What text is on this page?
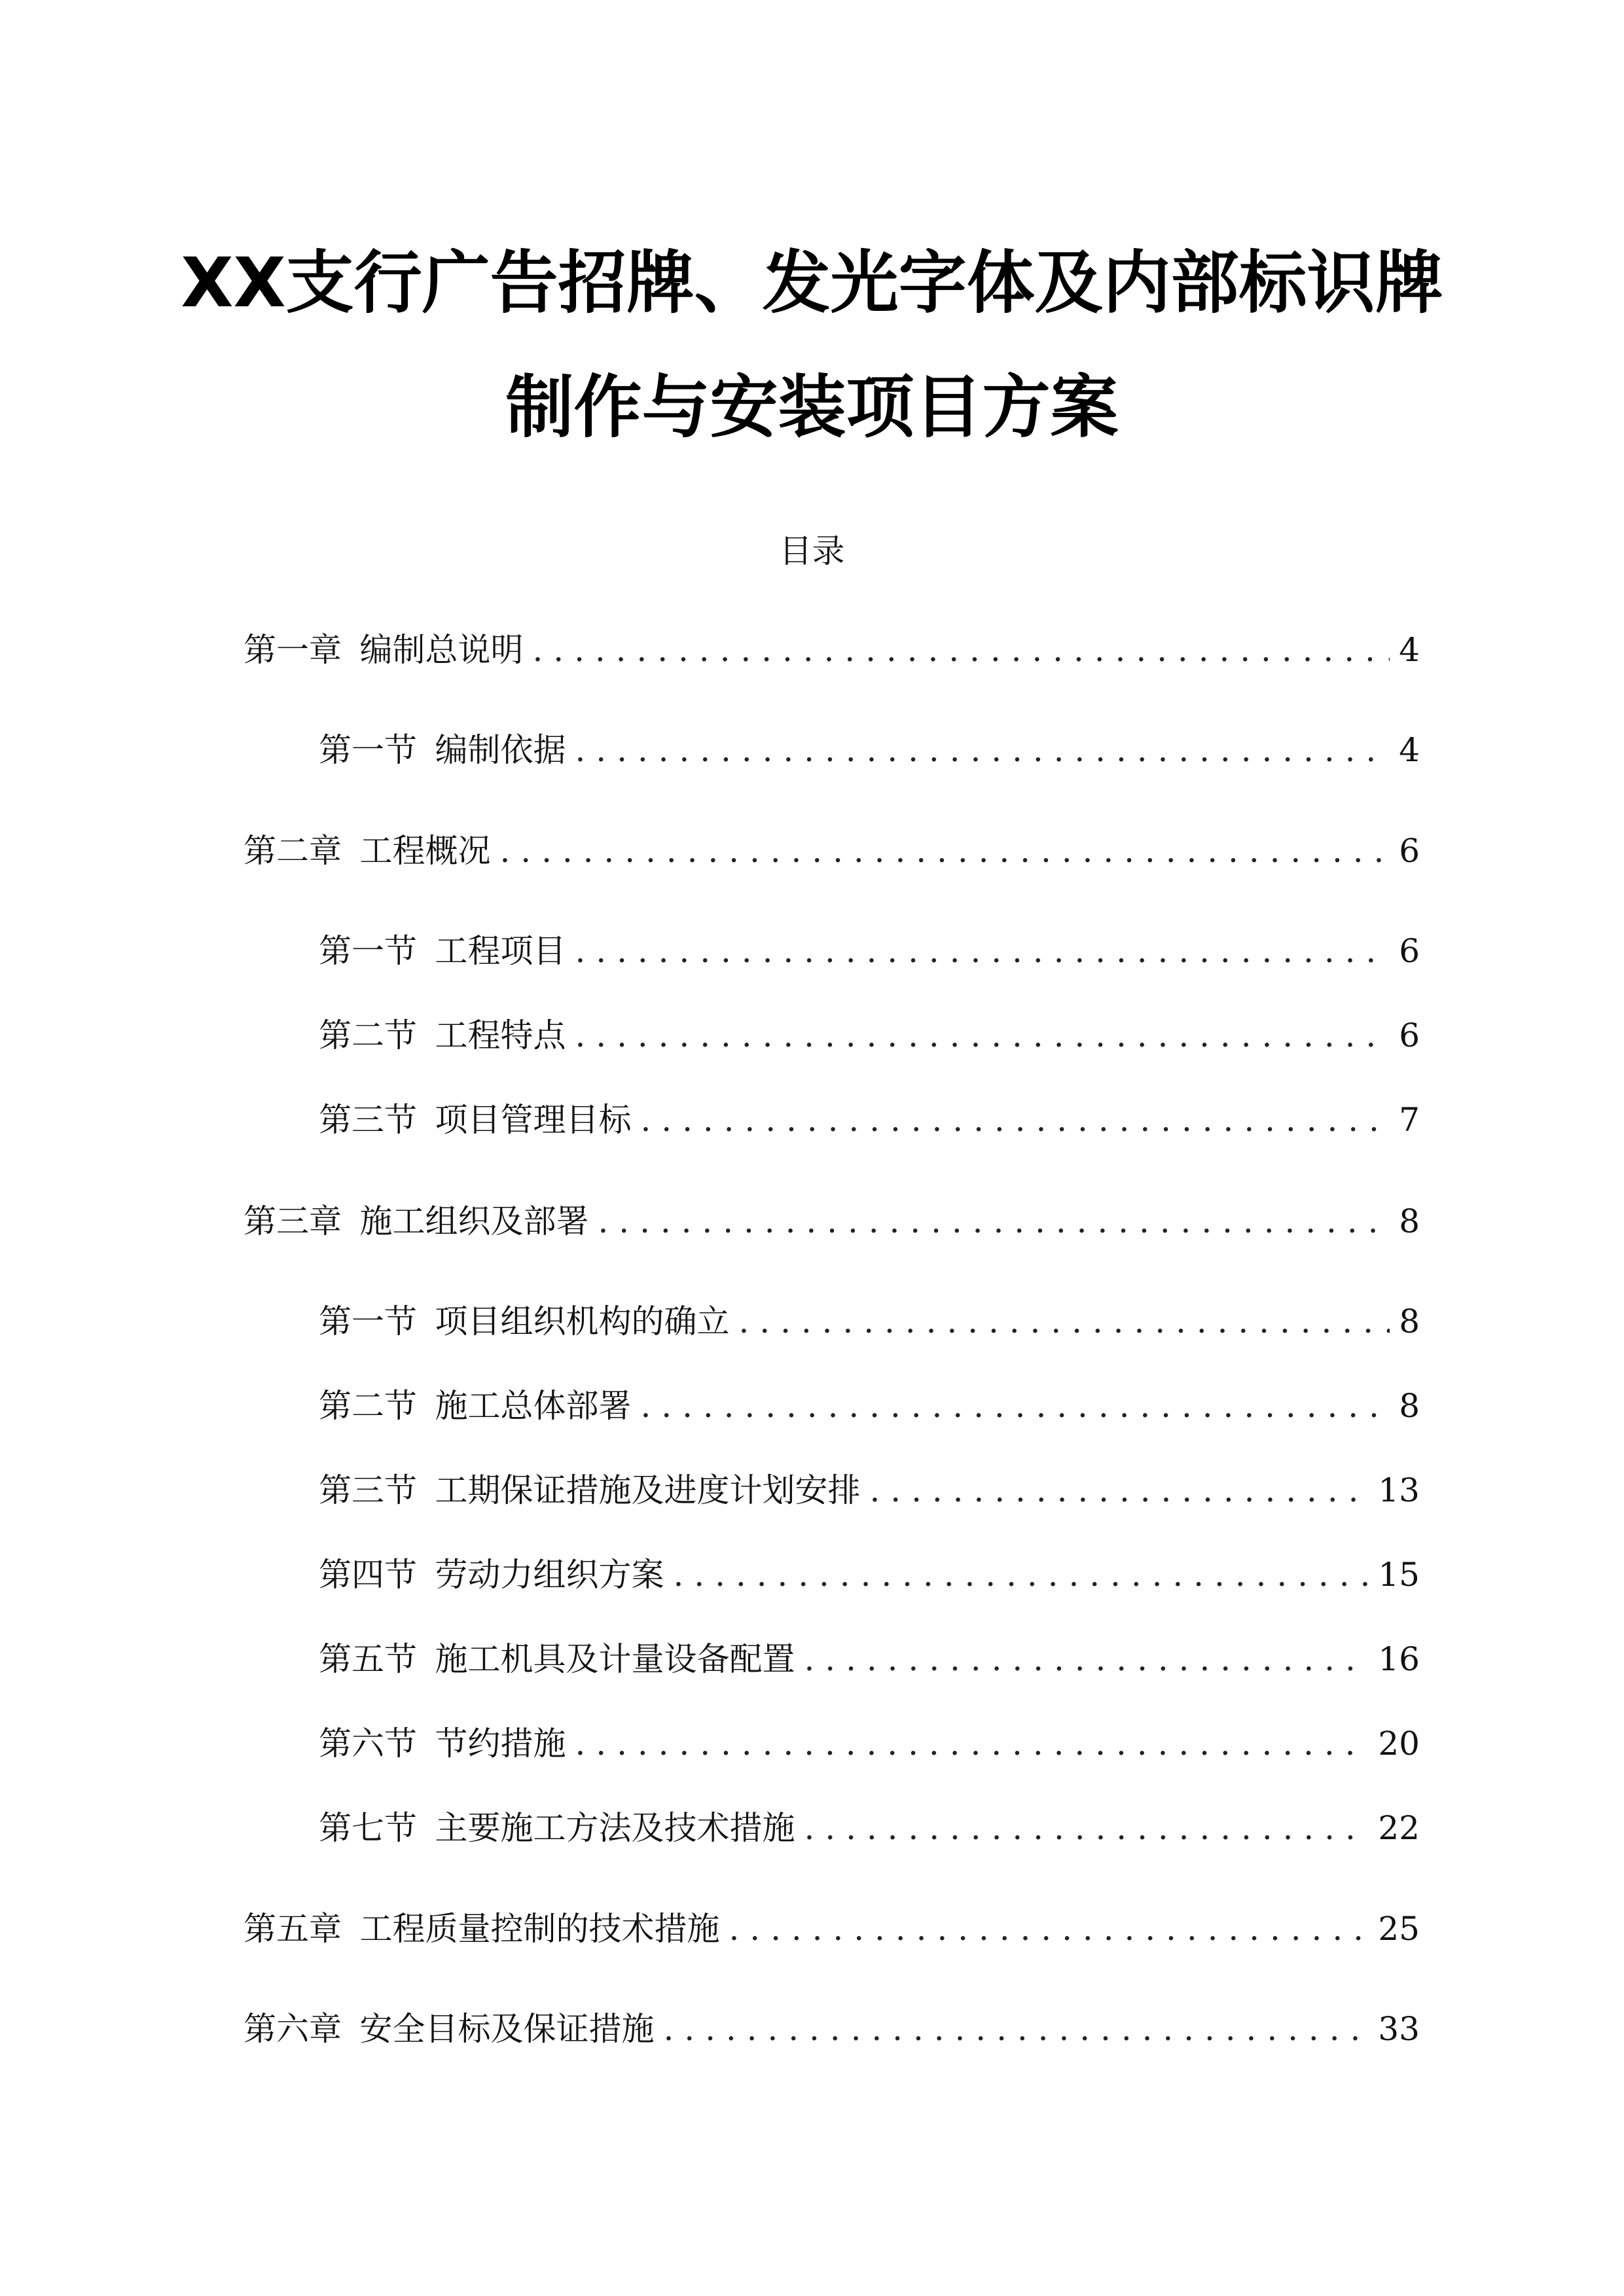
XX支行广告招牌、发光字体及内部标识牌
制作与安装项目方案
目录
第一章 编制总说明 . . .	4
第一节 编制依据 . . .	4
第二章 工程概况 . . .	6
第一节 工程项目 . . .	6
第二节 工程特点 . . .	6
第三节 项目管理目标 . . .	7
第三章 施工组织及部署 . . .	8
第一节 项目组织机构的确立 . . .	8
第二节 施工总体部署 . . .	8
第三节 工期保证措施及进度计划安排 . . .	13
第四节 劳动力组织方案 . . .	15
第五节 施工机具及计量设备配置 . . .	16
第六节 节约措施 . . .	20
第七节 主要施工方法及技术措施 . . .	22
第五章 工程质量控制的技术措施 . . .	25
第六章 安全目标及保证措施 . . .	33
